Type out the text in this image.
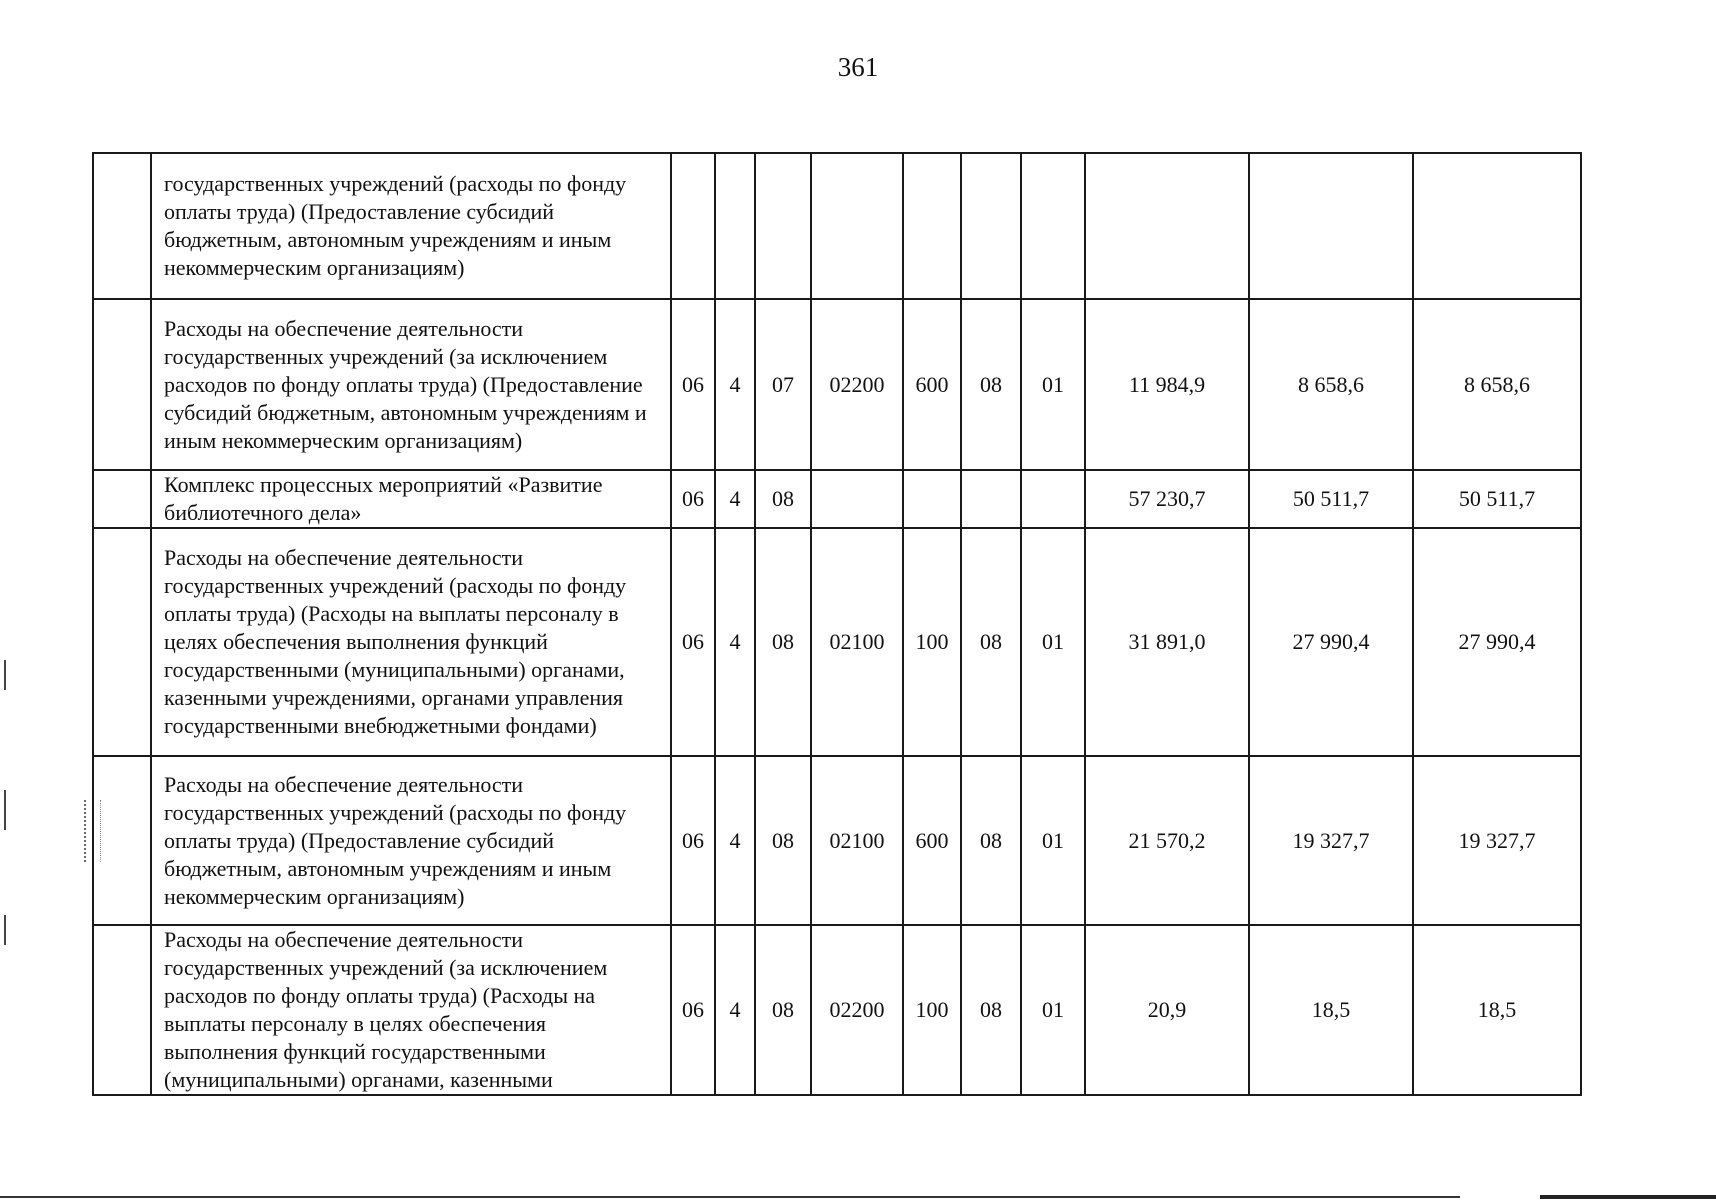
361
	государственных учреждений (расходы по фонду оплаты труда) (Предоставление субсидий бюджетным, автономным учреждениям и иным некоммерческим организациям)										
	Расходы на обеспечение деятельности государственных учреждений (за исключением расходов по фонду оплаты труда) (Предоставление субсидий бюджетным, автономным учреждениям и иным некоммерческим организациям)	06	4	07	02200	600	08	01	11 984,9	8 658,6	8 658,6
	Комплекс процессных мероприятий «Развитие библиотечного дела»	06	4	08					57 230,7	50 511,7	50 511,7
	Расходы на обеспечение деятельности государственных учреждений (расходы по фонду оплаты труда) (Расходы на выплаты персоналу в целях обеспечения выполнения функций государственными (муниципальными) органами, казенными учреждениями, органами управления государственными внебюджетными фондами)	06	4	08	02100	100	08	01	31 891,0	27 990,4	27 990,4
	Расходы на обеспечение деятельности государственных учреждений (расходы по фонду оплаты труда) (Предоставление субсидий бюджетным, автономным учреждениям и иным некоммерческим организациям)	06	4	08	02100	600	08	01	21 570,2	19 327,7	19 327,7
	Расходы на обеспечение деятельности государственных учреждений (за исключением расходов по фонду оплаты труда) (Расходы на выплаты персоналу в целях обеспечения выполнения функций государственными (муниципальными) органами, казенными	06	4	08	02200	100	08	01	20,9	18,5	18,5
